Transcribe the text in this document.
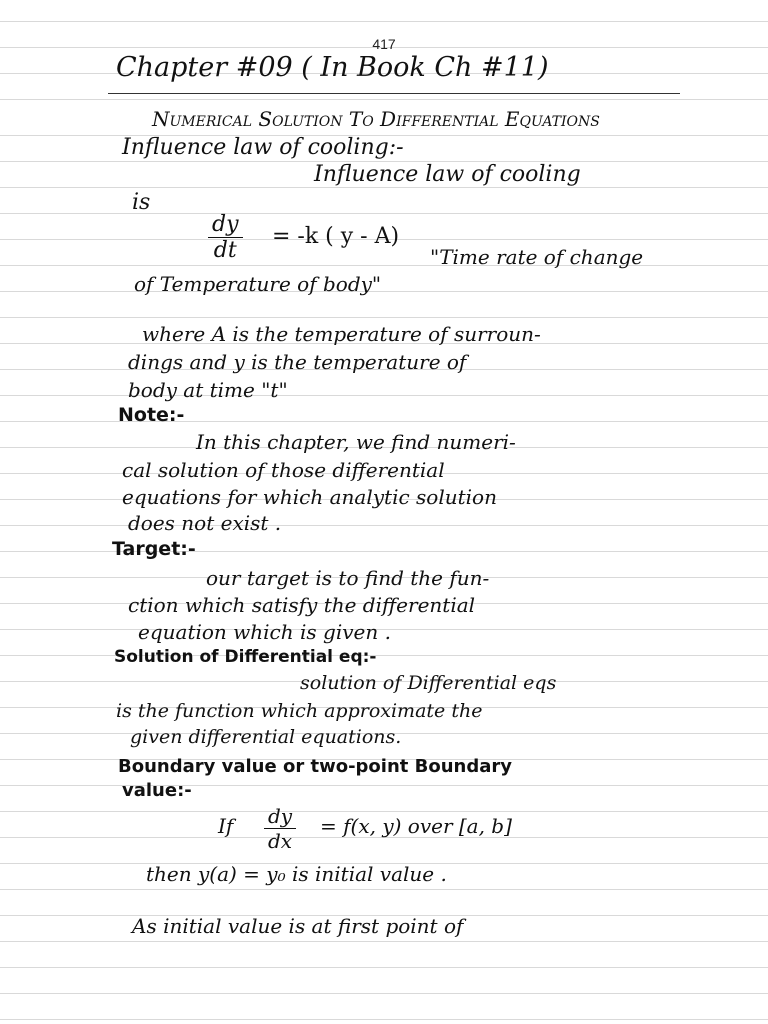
417
Chapter #09 ( In Book Ch #11)
Numerical Solution To Differential Equations
Influence law of cooling:-
Influence law of cooling
is
$\frac{dy}{dt} = -k$ ( y - A)
"Time rate of change
of Temperature of body"
where A is the temperature of surroun-
dings and y is the temperature of
body at time "t"
Note:-
In this chapter, we find numeri-
cal solution of those differential
equations for which analytic solution
does not exist .
Target:-
our target is to find the fun-
ction which satisfy the differential
equation which is given .
Solution of Differential eq:-
solution of Differential eqs
is the function which approximate the
given differential equations.
Boundary value or two-point Boundary
value:-
If $\frac{dy}{dx} = f(x$, y) over [a, b]
then y(a) = y₀ is initial value .
As initial value is at first point of
